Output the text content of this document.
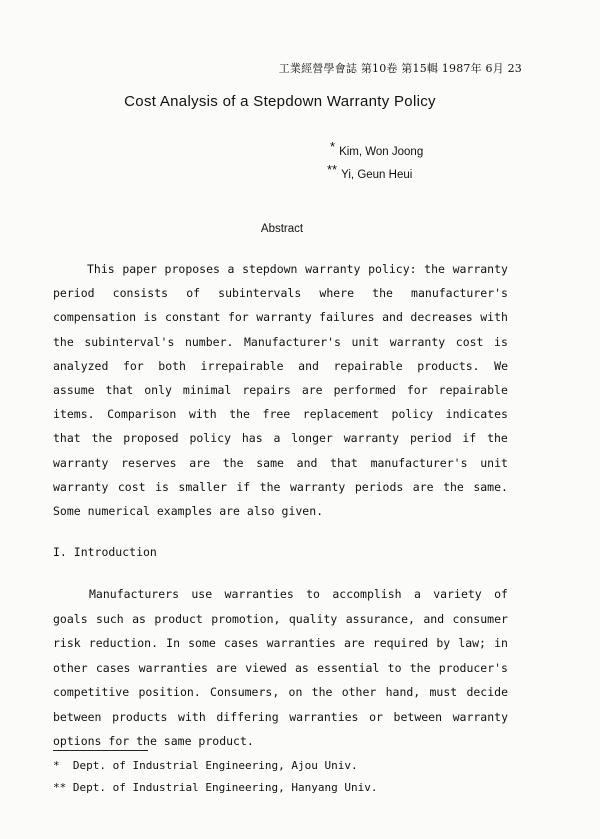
工業經營學會誌 第10卷 第15輯 1987年 6月 23
Cost Analysis of a Stepdown Warranty Policy
* Kim, Won Joong
** Yi, Geun Heui
Abstract
This paper proposes a stepdown warranty policy: the warranty
period consists of subintervals where the manufacturer's
compensation is constant for warranty failures and decreases with
the subinterval's number. Manufacturer's unit warranty cost is
analyzed for both irrepairable and repairable products. We
assume that only minimal repairs are performed for repairable
items. Comparison with the free replacement policy indicates
that the proposed policy has a longer warranty period if the
warranty reserves are the same and that manufacturer's unit
warranty cost is smaller if the warranty periods are the same.
Some numerical examples are also given.
I. Introduction
Manufacturers use warranties to accomplish a variety of
goals such as product promotion, quality assurance, and consumer
risk reduction. In some cases warranties are required by law; in
other cases warranties are viewed as essential to the producer's
competitive position. Consumers, on the other hand, must decide
between products with differing warranties or between warranty
options for the same product.
*  Dept. of Industrial Engineering, Ajou Univ.
** Dept. of Industrial Engineering, Hanyang Univ.
